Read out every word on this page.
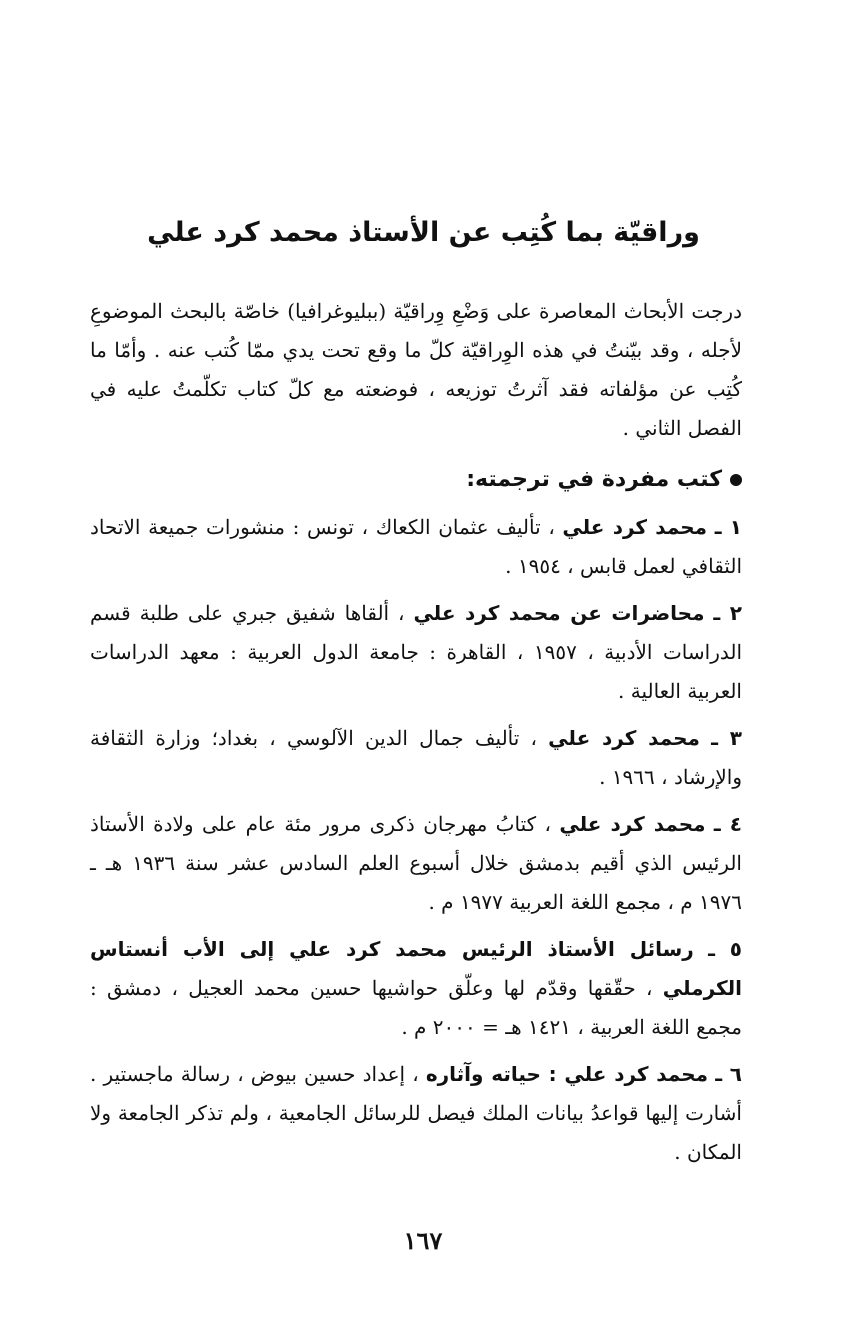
وراقيّة بما كُتِب عن الأستاذ محمد كرد علي

درجت الأبحاث المعاصرة على وَضْعِ وِراقيّة (ببليوغرافيا) خاصّة بالبحث الموضوعِ لأجله ، وقد بيّنتُ في هذه الوِراقيّة كلّ ما وقع تحت يدي ممّا كُتب عنه . وأمّا ما كُتِب عن مؤلفاته فقد آثرتُ توزيعه ، فوضعته مع كلّ كتاب تكلّمتُ عليه في الفصل الثاني .

كتب مفردة في ترجمته:

١ ـ محمد كرد علي ، تأليف عثمان الكعاك ، تونس : منشورات جميعة الاتحاد الثقافي لعمل قابس ، ١٩٥٤ .

٢ ـ محاضرات عن محمد كرد علي ، ألقاها شفيق جبري على طلبة قسم الدراسات الأدبية ، ١٩٥٧ ، القاهرة : جامعة الدول العربية : معهد الدراسات العربية العالية .

٣ ـ محمد كرد علي ، تأليف جمال الدين الآلوسي ، بغداد؛ وزارة الثقافة والإرشاد ، ١٩٦٦ .

٤ ـ محمد كرد علي ، كتابُ مهرجان ذكرى مرور مئة عام على ولادة الأستاذ الرئيس الذي أقيم بدمشق خلال أسبوع العلم السادس عشر سنة ١٩٣٦ هـ ـ ١٩٧٦ م ، مجمع اللغة العربية ١٩٧٧ م .

٥ ـ رسائل الأستاذ الرئيس محمد كرد علي إلى الأب أنستاس الكرملي ، حقّقها وقدّم لها وعلّق حواشيها حسين محمد العجيل ، دمشق : مجمع اللغة العربية ، ١٤٢١ هـ = ٢٠٠٠ م .

٦ ـ محمد كرد علي : حياته وآثاره ، إعداد حسين بيوض ، رسالة ماجستير . أشارت إليها قواعدُ بيانات الملك فيصل للرسائل الجامعية ، ولم تذكر الجامعة ولا المكان .

١٦٧
